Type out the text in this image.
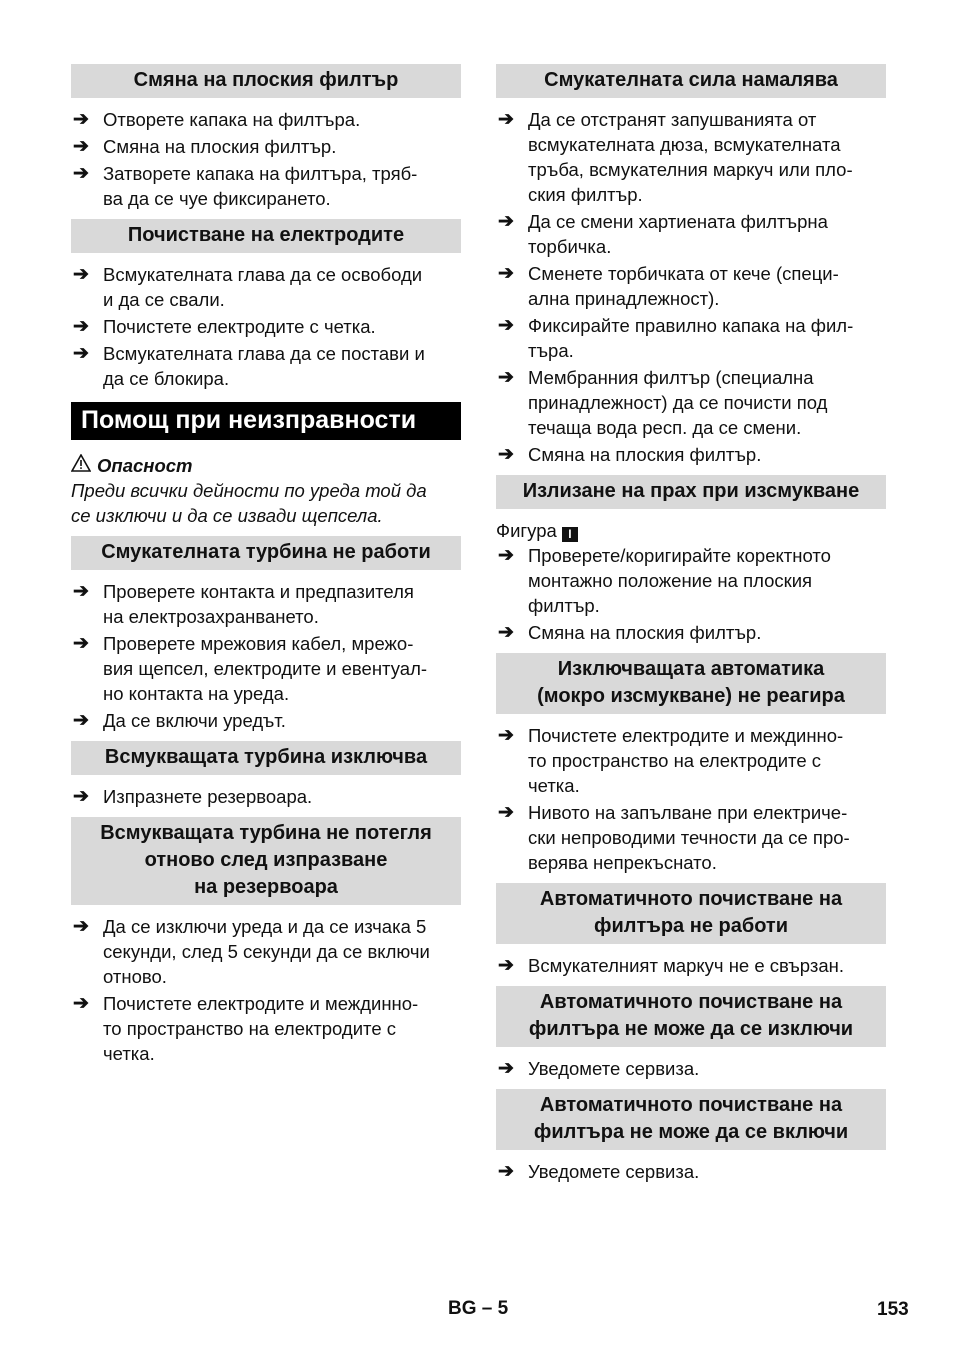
Смяна на плоския филтър
➔ Отворете капака на филтъра.
➔ Смяна на плоския филтър.
➔ Затворете капака на филтъра, тряб-
ва да се чуе фиксирането.
Почистване на електродите
➔ Всмукателната глава да се освободи
и да се свали.
➔ Почистете електродите с четка.
➔ Всмукателната глава да се постави и
да се блокира.
Помощ при неизправности
Опасност
Преди всички дейности по уреда той да
се изключи и да се извади щепсела.
Смукателната турбина не работи
➔ Проверете контакта и предпазителя
на електрозахранването.
➔ Проверете мрежовия кабел, мрежо-
вия щепсел, електродите и евентуал-
но контакта на уреда.
➔ Да се включи уредът.
Всмукващата турбина изключва
➔ Изпразнете резервоара.
Всмукващата турбина не потегля
отново след изпразване
на резервоара
➔ Да се изключи уреда и да се изчака 5
секунди, след 5 секунди да се включи
отново.
➔ Почистете електродите и междинно-
то пространство на електродите с
четка.
Смукателната сила намалява
➔ Да се отстранят запушванията от
всмукателната дюза, всмукателната
тръба, всмукателния маркуч или пло-
ския филтър.
➔ Да се смени хартиената филтърна
торбичка.
➔ Сменете торбичката от кече (специ-
ална принадлежност).
➔ Фиксирайте правилно капака на фил-
търа.
➔ Мембранния филтър (специална
принадлежност) да се почисти под
течаща вода респ. да се смени.
➔ Смяна на плоския филтър.
Излизане на прах при изсмукване
Фигура I
➔ Проверете/коригирайте коректното
монтажно положение на плоския
филтър.
➔ Смяна на плоския филтър.
Изключващата автоматика
(мокро изсмукване) не реагира
➔ Почистете електродите и междинно-
то пространство на електродите с
четка.
➔ Нивото на запълване при електриче-
ски непроводими течности да се про-
верява непрекъснато.
Автоматичното почистване на
филтъра не работи
➔ Всмукателният маркуч не е свързан.
Автоматичното почистване на
филтъра не може да се изключи
➔ Уведомете сервиза.
Автоматичното почистване на
филтъра не може да се включи
➔ Уведомете сервиза.
BG – 5	153
